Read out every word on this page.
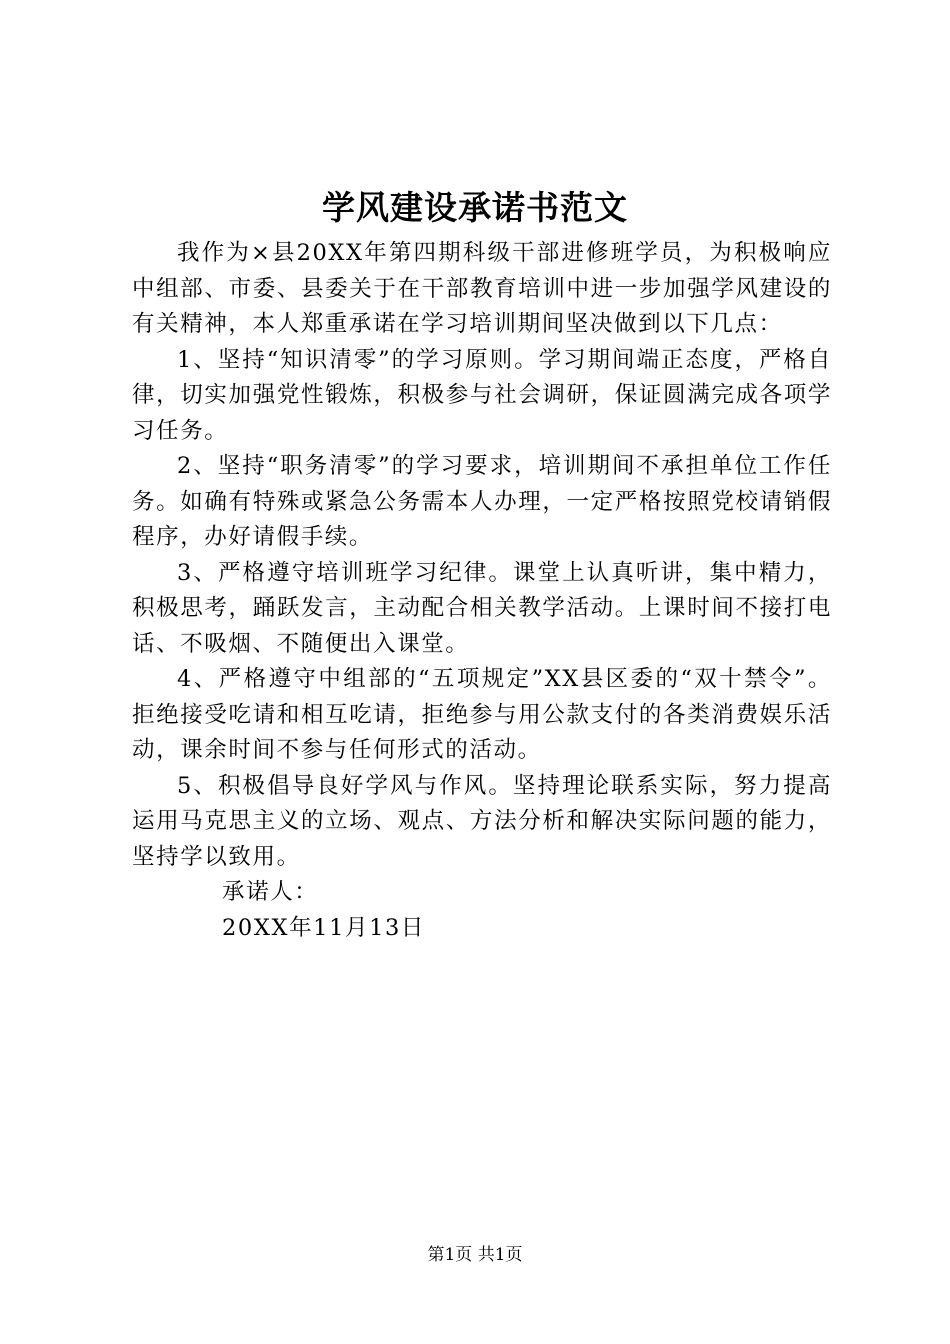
学风建设承诺书范文

我作为×县20XX年第四期科级干部进修班学员，为积极响应中组部、市委、县委关于在干部教育培训中进一步加强学风建设的有关精神，本人郑重承诺在学习培训期间坚决做到以下几点：

1、坚持“知识清零”的学习原则。学习期间端正态度，严格自律，切实加强党性锻炼，积极参与社会调研，保证圆满完成各项学习任务。

2、坚持“职务清零”的学习要求，培训期间不承担单位工作任务。如确有特殊或紧急公务需本人办理，一定严格按照党校请销假程序，办好请假手续。

3、严格遵守培训班学习纪律。课堂上认真听讲，集中精力，积极思考，踊跃发言，主动配合相关教学活动。上课时间不接打电话、不吸烟、不随便出入课堂。

4、严格遵守中组部的“五项规定”XX县区委的“双十禁令”。拒绝接受吃请和相互吃请，拒绝参与用公款支付的各类消费娱乐活动，课余时间不参与任何形式的活动。

5、积极倡导良好学风与作风。坚持理论联系实际，努力提高运用马克思主义的立场、观点、方法分析和解决实际问题的能力，坚持学以致用。

承诺人：

20XX年11月13日

第1页 共1页
